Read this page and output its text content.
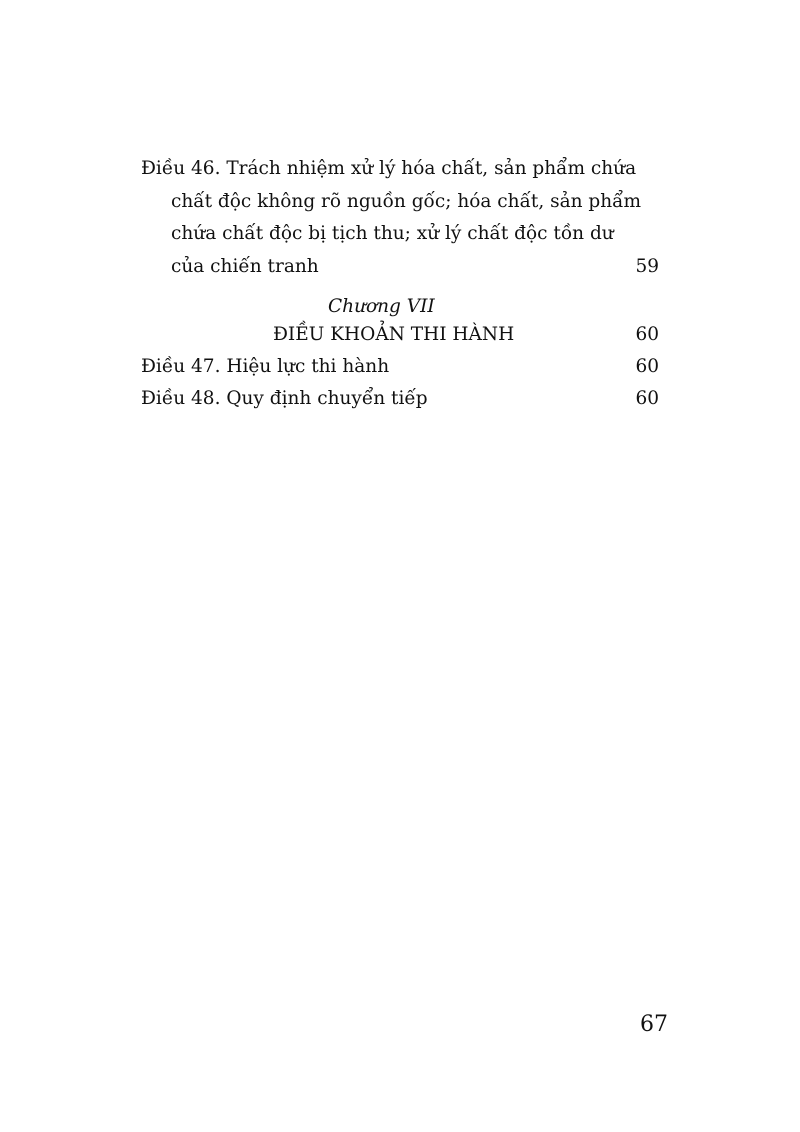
Điều 46. Trách nhiệm xử lý hóa chất, sản phẩm chứa
chất độc không rõ nguồn gốc; hóa chất, sản phẩm
chứa chất độc bị tịch thu; xử lý chất độc tồn dư
của chiến tranh	59
Chương VII
ĐIỀU KHOẢN THI HÀNH	60
Điều 47. Hiệu lực thi hành	60
Điều 48. Quy định chuyển tiếp	60
67
